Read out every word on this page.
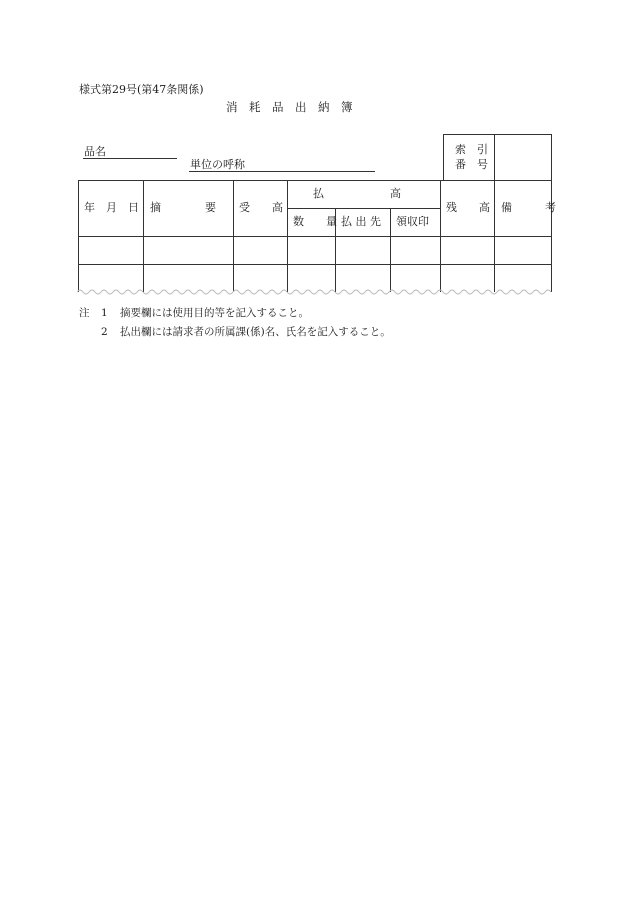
様式第29号(第47条関係)
消　耗　品　出　納　簿
品名
単位の呼称
索　引
番　号
年　月　日 摘　　　　要 受　　高
払　　　　　　高
数　　量 払 出 先 領収印
残　　高 備　　　考
注 1 摘要欄には使用目的等を記入すること。
2 払出欄には請求者の所属課(係)名、氏名を記入すること。
